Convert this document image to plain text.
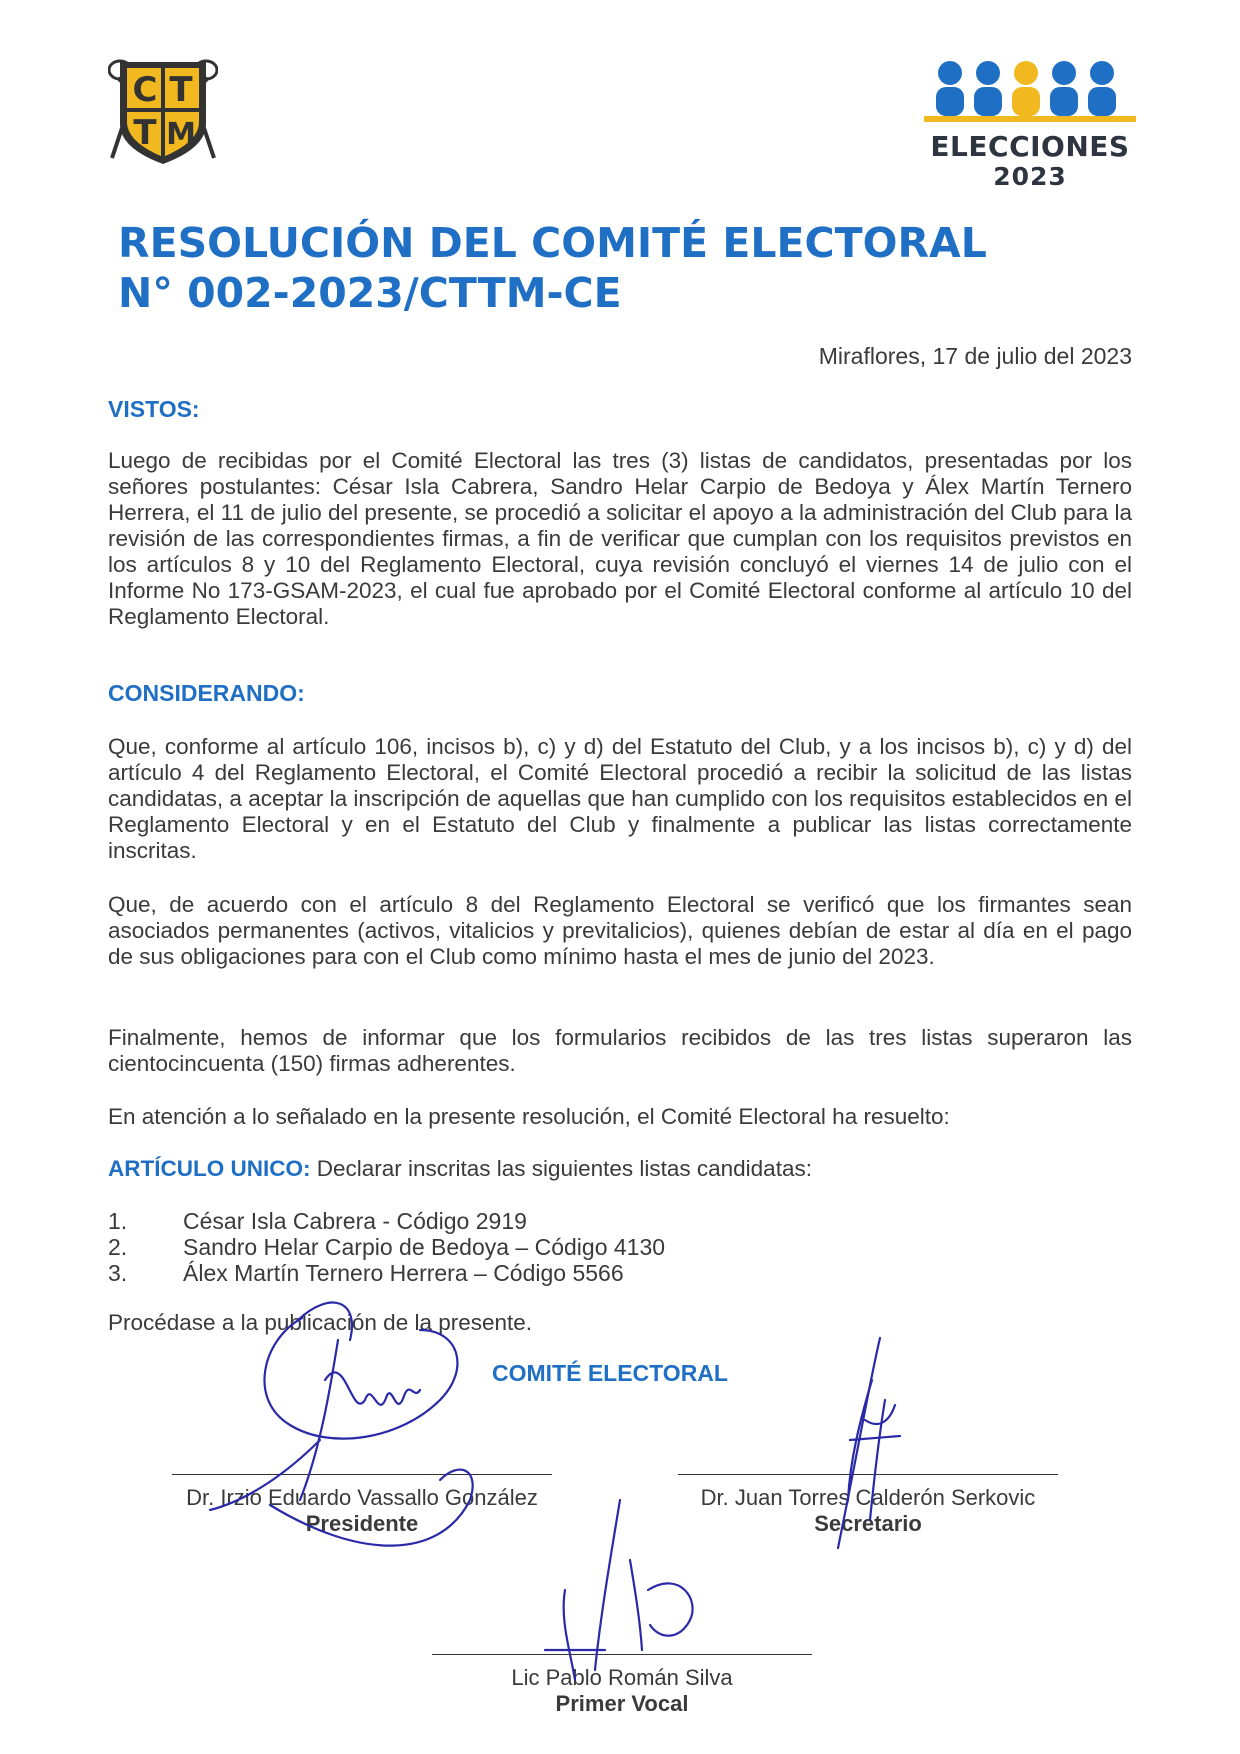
C T
T M	ELECCIONES
2023
RESOLUCIÓN DEL COMITÉ ELECTORAL
N° 002-2023/CTTM-CE
Miraflores, 17 de julio del 2023
VISTOS:
Luego de recibidas por el Comité Electoral las tres (3) listas de candidatos, presentadas por los señores postulantes: César Isla Cabrera, Sandro Helar Carpio de Bedoya y Álex Martín Ternero Herrera, el 11 de julio del presente, se procedió a solicitar el apoyo a la administración del Club para la revisión de las correspondientes firmas, a fin de verificar que cumplan con los requisitos previstos en los artículos 8 y 10 del Reglamento Electoral, cuya revisión concluyó el viernes 14 de julio con el Informe No 173-GSAM-2023, el cual fue aprobado por el Comité Electoral conforme al artículo 10 del Reglamento Electoral.
CONSIDERANDO:
Que, conforme al artículo 106, incisos b), c) y d) del Estatuto del Club, y a los incisos b), c) y d) del artículo 4 del Reglamento Electoral, el Comité Electoral procedió a recibir la solicitud de las listas candidatas, a aceptar la inscripción de aquellas que han cumplido con los requisitos establecidos en el Reglamento Electoral y en el Estatuto del Club y finalmente a publicar las listas correctamente inscritas.
Que, de acuerdo con el artículo 8 del Reglamento Electoral se verificó que los firmantes sean asociados permanentes (activos, vitalicios y previtalicios), quienes debían de estar al día en el pago de sus obligaciones para con el Club como mínimo hasta el mes de junio del 2023.
Finalmente, hemos de informar que los formularios recibidos de las tres listas superaron las cientocincuenta (150) firmas adherentes.
En atención a lo señalado en la presente resolución, el Comité Electoral ha resuelto:
ARTÍCULO UNICO: Declarar inscritas las siguientes listas candidatas:
1.	César Isla Cabrera - Código 2919
2.	Sandro Helar Carpio de Bedoya – Código 4130
3.	Álex Martín Ternero Herrera – Código 5566
Procédase a la publicación de la presente.
COMITÉ ELECTORAL
Dr. Irzio Eduardo Vassallo González
Presidente
Dr. Juan Torres Calderón Serkovic
Secretario
Lic Pablo Román Silva
Primer Vocal
